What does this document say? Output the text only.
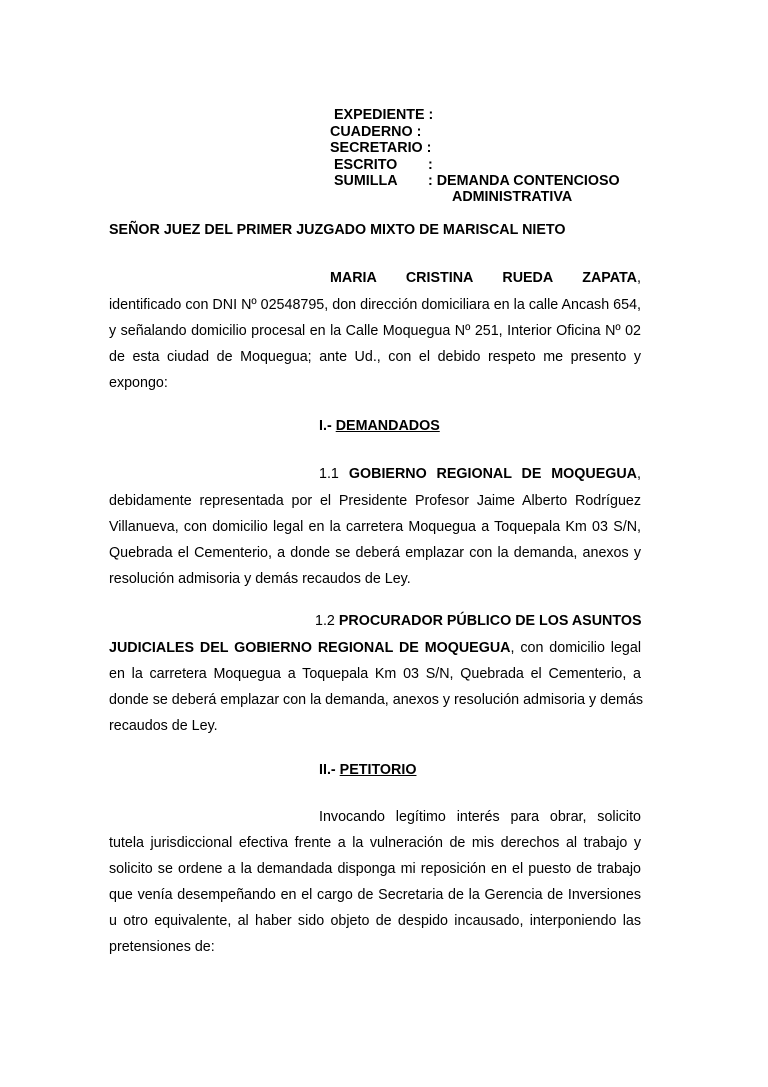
EXPEDIENTE :
CUADERNO :
SECRETARIO :
ESCRITO :
SUMILLA : DEMANDA CONTENCIOSO
ADMINISTRATIVA
SEÑOR JUEZ DEL PRIMER JUZGADO MIXTO DE MARISCAL NIETO
MARIA CRISTINA RUEDA ZAPATA,
identificado con DNI Nº 02548795, don dirección domiciliara en la calle Ancash 654,
y señalando domicilio procesal en la Calle Moquegua Nº 251, Interior Oficina Nº 02
de esta ciudad de Moquegua; ante Ud., con el debido respeto me presento y
expongo:
I.- DEMANDADOS
1.1 GOBIERNO REGIONAL DE MOQUEGUA ,
debidamente representada por el Presidente Profesor Jaime Alberto Rodríguez
Villanueva, con domicilio legal en la carretera Moquegua a Toquepala Km 03 S/N,
Quebrada el Cementerio, a donde se deberá emplazar con la demanda, anexos y
resolución admisoria y demás recaudos de Ley.
1.2 PROCURADOR PÚBLICO DE LOS ASUNTOS
JUDICIALES DEL GOBIERNO REGIONAL DE MOQUEGUA, con domicilio legal
en la carretera Moquegua a Toquepala Km 03 S/N, Quebrada el Cementerio, a
donde se deberá emplazar con la demanda, anexos y resolución admisoria y demás
recaudos de Ley.
II.- PETITORIO
Invocando legítimo interés para obrar, solicito
tutela jurisdiccional efectiva frente a la vulneración de mis derechos al trabajo y
solicito se ordene a la demandada disponga mi reposición en el puesto de trabajo
que venía desempeñando en el cargo de Secretaria de la Gerencia de Inversiones
u otro equivalente, al haber sido objeto de despido incausado, interponiendo las
pretensiones de:
